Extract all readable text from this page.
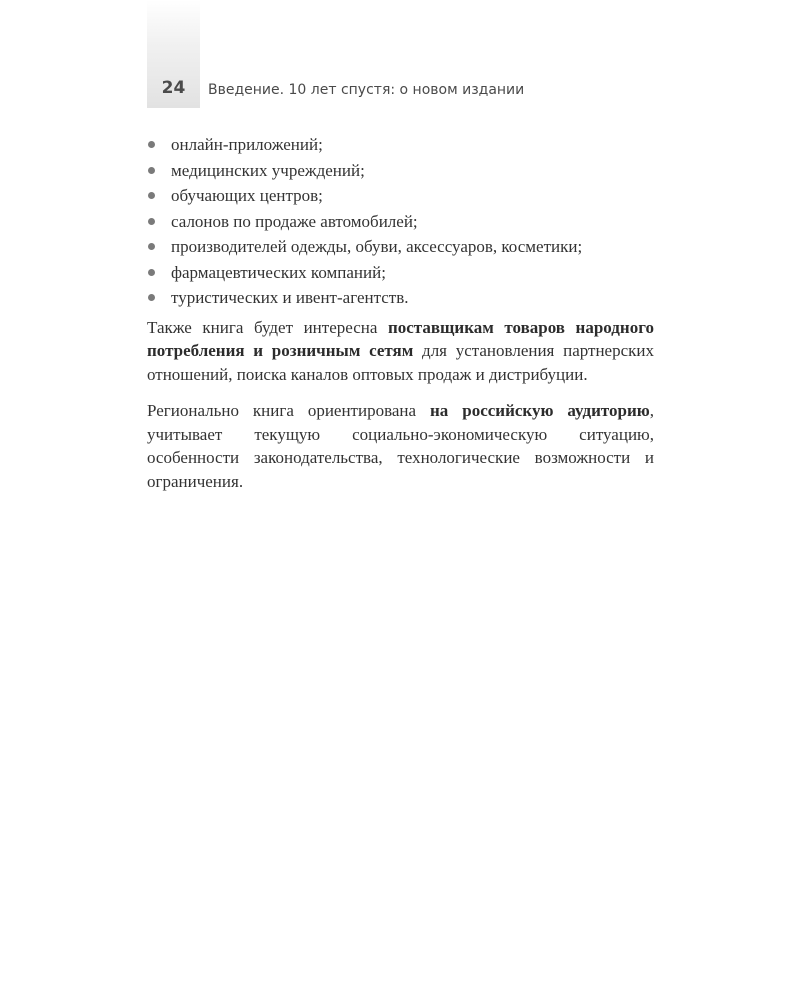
24	Введение. 10 лет спустя: о новом издании
онлайн-приложений;
медицинских учреждений;
обучающих центров;
салонов по продаже автомобилей;
производителей одежды, обуви, аксессуаров, косметики;
фармацевтических компаний;
туристических и ивент-агентств.

Также книга будет интересна поставщикам товаров народного потребления и розничным сетям для установления партнерских отношений, поиска каналов оптовых продаж и дистрибуции.

Регионально книга ориентирована на российскую аудиторию, учитывает текущую социально-экономическую ситуацию, особенности законодательства, технологические возможности и ограничения.
